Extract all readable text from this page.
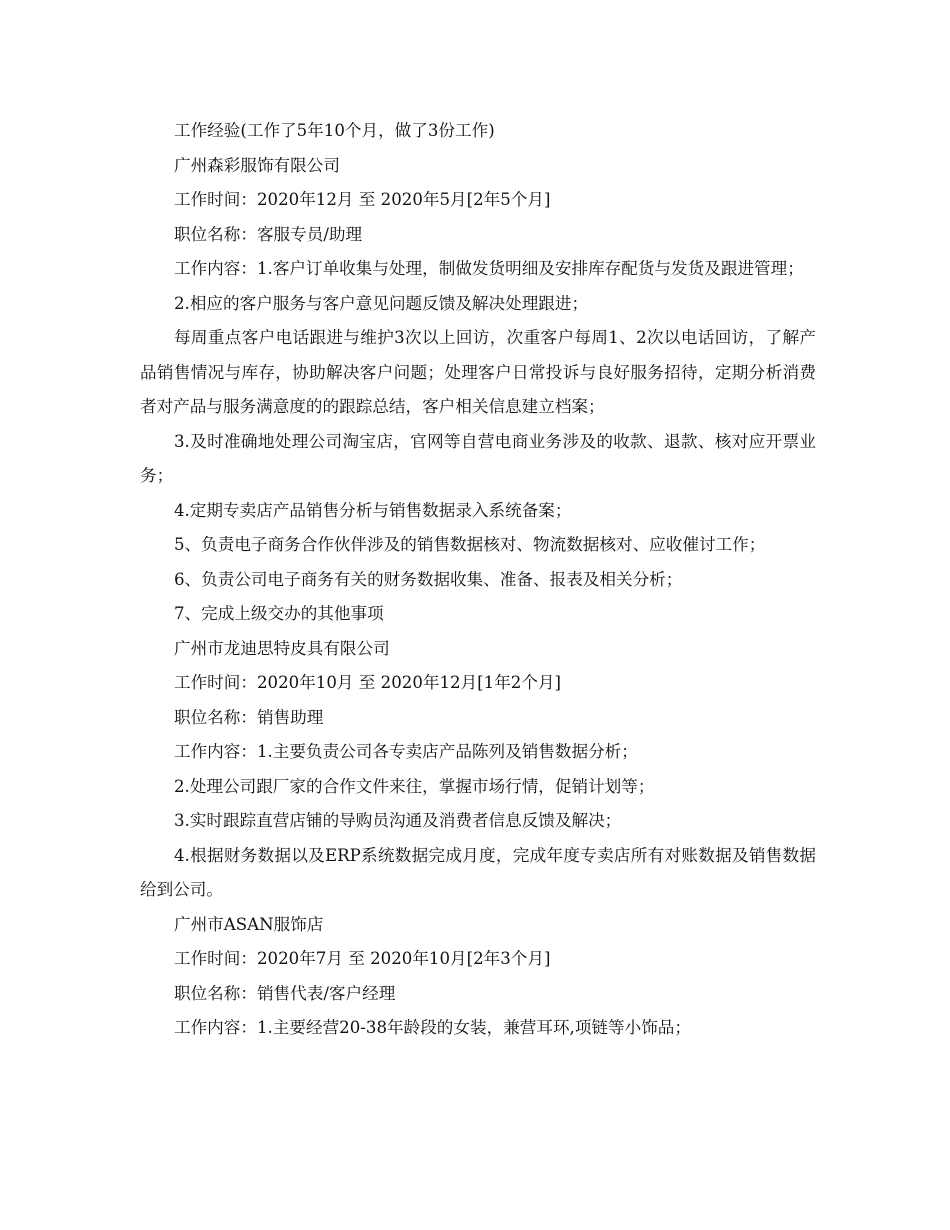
工作经验(工作了5年10个月，做了3份工作)

广州森彩服饰有限公司

工作时间：2020年12月 至 2020年5月[2年5个月]

职位名称：客服专员/助理

工作内容：1.客户订单收集与处理，制做发货明细及安排库存配货与发货及跟进管理；

2.相应的客户服务与客户意见问题反馈及解决处理跟进；

每周重点客户电话跟进与维护3次以上回访，次重客户每周1、2次以电话回访，了解产品销售情况与库存，协助解决客户问题；处理客户日常投诉与良好服务招待，定期分析消费者对产品与服务满意度的的跟踪总结，客户相关信息建立档案；

3.及时准确地处理公司淘宝店，官网等自营电商业务涉及的收款、退款、核对应开票业务；

4.定期专卖店产品销售分析与销售数据录入系统备案；

5、负责电子商务合作伙伴涉及的销售数据核对、物流数据核对、应收催讨工作；

6、负责公司电子商务有关的财务数据收集、准备、报表及相关分析；

7、完成上级交办的其他事项

广州市龙迪思特皮具有限公司

工作时间：2020年10月 至 2020年12月[1年2个月]

职位名称：销售助理

工作内容：1.主要负责公司各专卖店产品陈列及销售数据分析；

2.处理公司跟厂家的合作文件来往，掌握市场行情，促销计划等；

3.实时跟踪直营店铺的导购员沟通及消费者信息反馈及解决；

4.根据财务数据以及ERP系统数据完成月度，完成年度专卖店所有对账数据及销售数据给到公司。

广州市ASAN服饰店

工作时间：2020年7月 至 2020年10月[2年3个月]

职位名称：销售代表/客户经理

工作内容：1.主要经营20-38年龄段的女装，兼营耳环,项链等小饰品；
